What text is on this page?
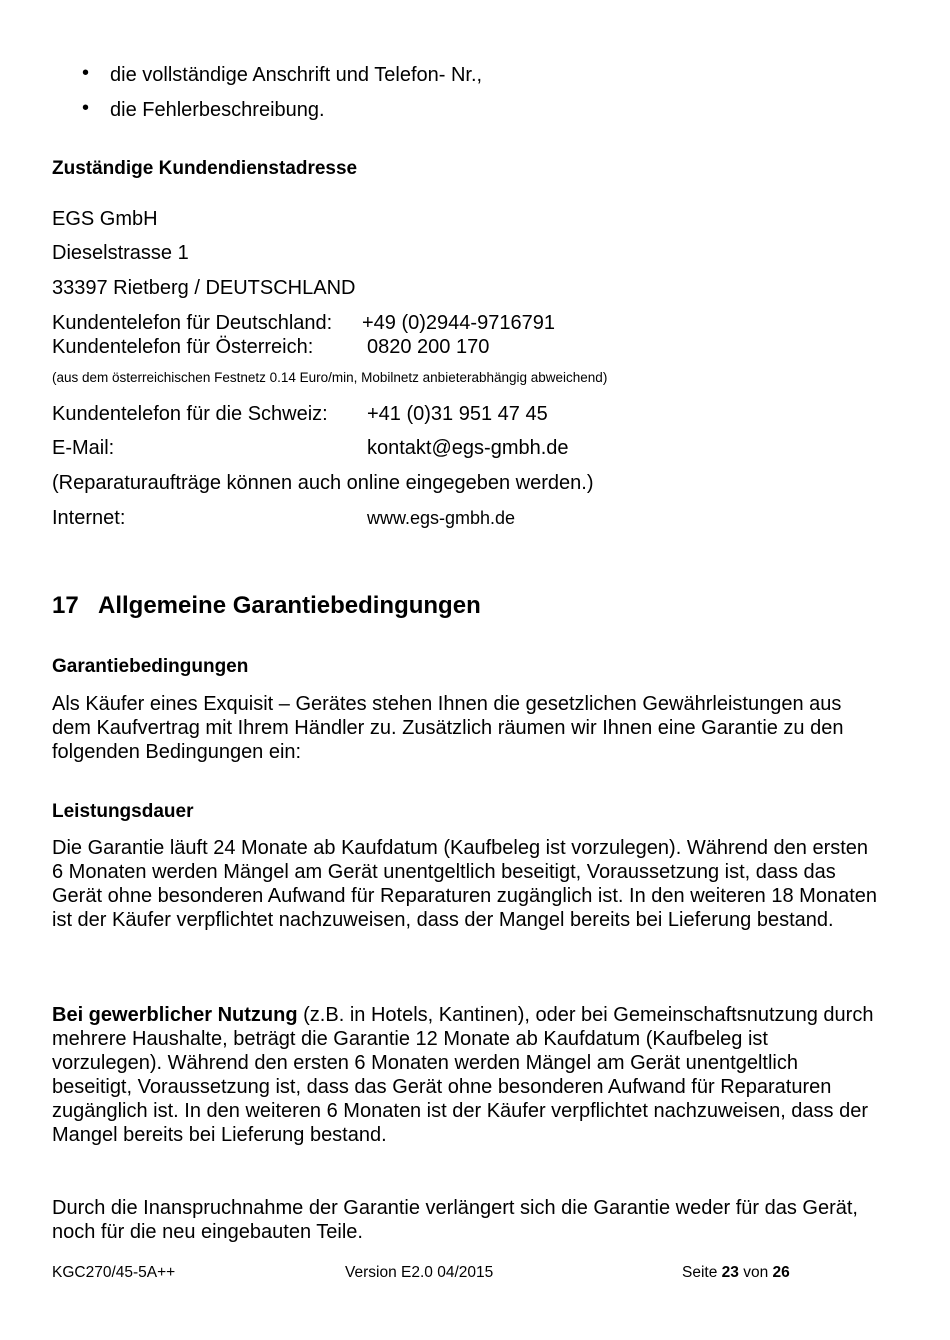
• die vollständige Anschrift und Telefon- Nr.,
• die Fehlerbeschreibung.
Zuständige Kundendienstadresse
EGS GmbH
Dieselstrasse 1
33397 Rietberg / DEUTSCHLAND
Kundentelefon für Deutschland: +49 (0)2944-9716791
Kundentelefon für Österreich:	0820 200 170
(aus dem österreichischen Festnetz 0.14 Euro/min, Mobilnetz anbieterabhängig abweichend)
Kundentelefon für die Schweiz: +41 (0)31 951 47 45
E-Mail:	kontakt@egs-gmbh.de
(Reparaturaufträge können auch online eingegeben werden.)
Internet:	www.egs-gmbh.de
17 Allgemeine Garantiebedingungen
Garantiebedingungen
Als Käufer eines Exquisit – Gerätes stehen Ihnen die gesetzlichen Gewährleistungen aus dem Kaufvertrag mit Ihrem Händler zu. Zusätzlich räumen wir Ihnen eine Garantie zu den folgenden Bedingungen ein:
Leistungsdauer
Die Garantie läuft 24 Monate ab Kaufdatum (Kaufbeleg ist vorzulegen). Während den ersten 6 Monaten werden Mängel am Gerät unentgeltlich beseitigt, Voraussetzung ist, dass das Gerät ohne besonderen Aufwand für Reparaturen zugänglich ist. In den weiteren 18 Monaten ist der Käufer verpflichtet nachzuweisen, dass der Mangel bereits bei Lieferung bestand.
Bei gewerblicher Nutzung (z.B. in Hotels, Kantinen), oder bei Gemeinschaftsnutzung durch mehrere Haushalte, beträgt die Garantie 12 Monate ab Kaufdatum (Kaufbeleg ist vorzulegen). Während den ersten 6 Monaten werden Mängel am Gerät unentgeltlich beseitigt, Voraussetzung ist, dass das Gerät ohne besonderen Aufwand für Reparaturen zugänglich ist. In den weiteren 6 Monaten ist der Käufer verpflichtet nachzuweisen, dass der Mangel bereits bei Lieferung bestand.
Durch die Inanspruchnahme der Garantie verlängert sich die Garantie weder für das Gerät, noch für die neu eingebauten Teile.
KGC270/45-5A++	Version E2.0 04/2015	Seite 23 von 26
